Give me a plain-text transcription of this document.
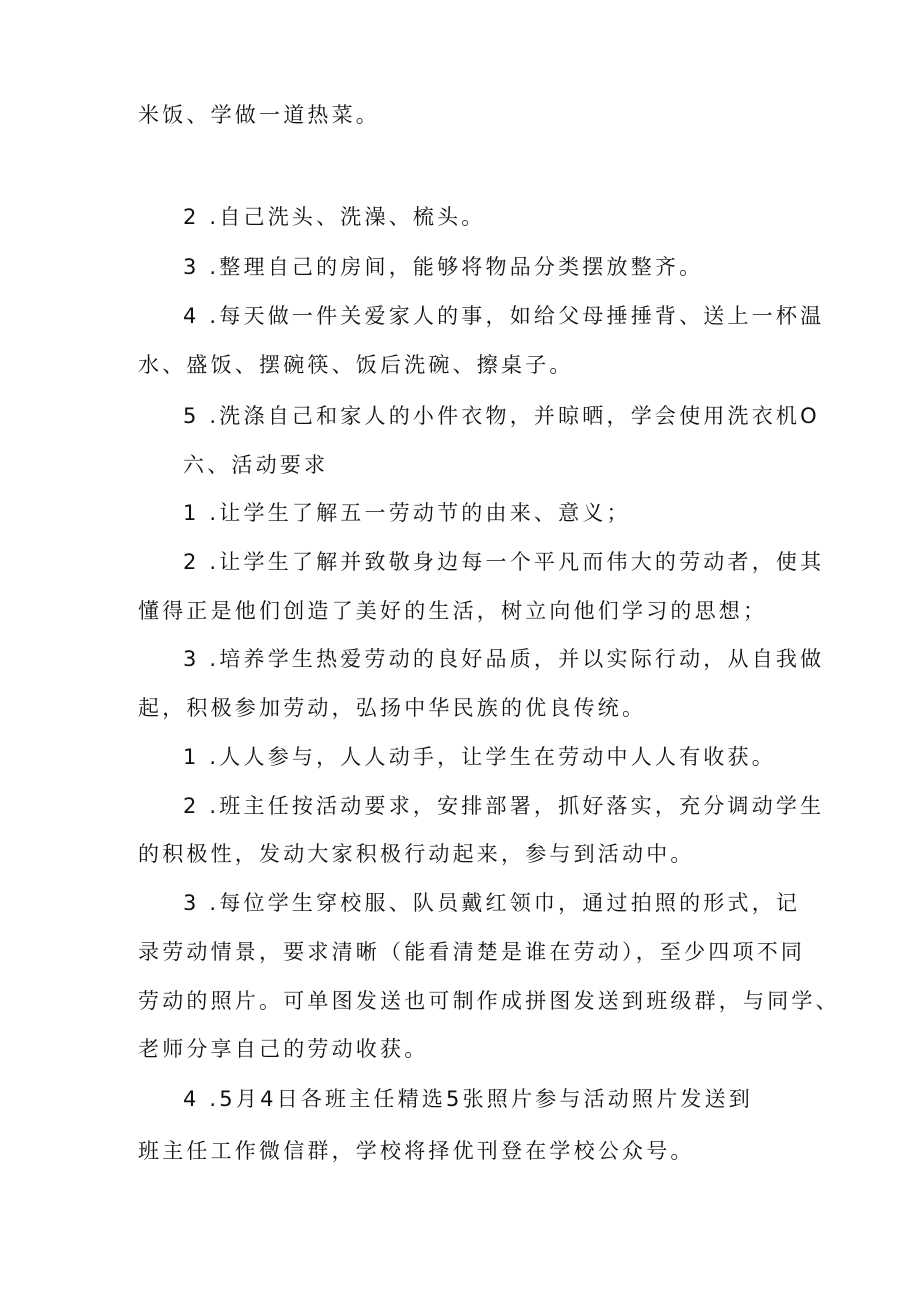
米饭、学做一道热菜。
2 .自己洗头、洗澡、梳头。
3 .整理自己的房间，能够将物品分类摆放整齐。
4 .每天做一件关爱家人的事，如给父母捶捶背、送上一杯温
水、盛饭、摆碗筷、饭后洗碗、擦桌子。
5 .洗涤自己和家人的小件衣物，并晾晒，学会使用洗衣机O
六、活动要求
1 .让学生了解五一劳动节的由来、意义；
2 .让学生了解并致敬身边每一个平凡而伟大的劳动者，使其
懂得正是他们创造了美好的生活，树立向他们学习的思想；
3 .培养学生热爱劳动的良好品质，并以实际行动，从自我做
起，积极参加劳动，弘扬中华民族的优良传统。
1 .人人参与，人人动手，让学生在劳动中人人有收获。
2 .班主任按活动要求，安排部署，抓好落实，充分调动学生
的积极性，发动大家积极行动起来，参与到活动中。
3 .每位学生穿校服、队员戴红领巾，通过拍照的形式，记
录劳动情景，要求清晰（能看清楚是谁在劳动），至少四项不同
劳动的照片。可单图发送也可制作成拼图发送到班级群，与同学、
老师分享自己的劳动收获。
4 .5月4日各班主任精选5张照片参与活动照片发送到
班主任工作微信群，学校将择优刊登在学校公众号。
